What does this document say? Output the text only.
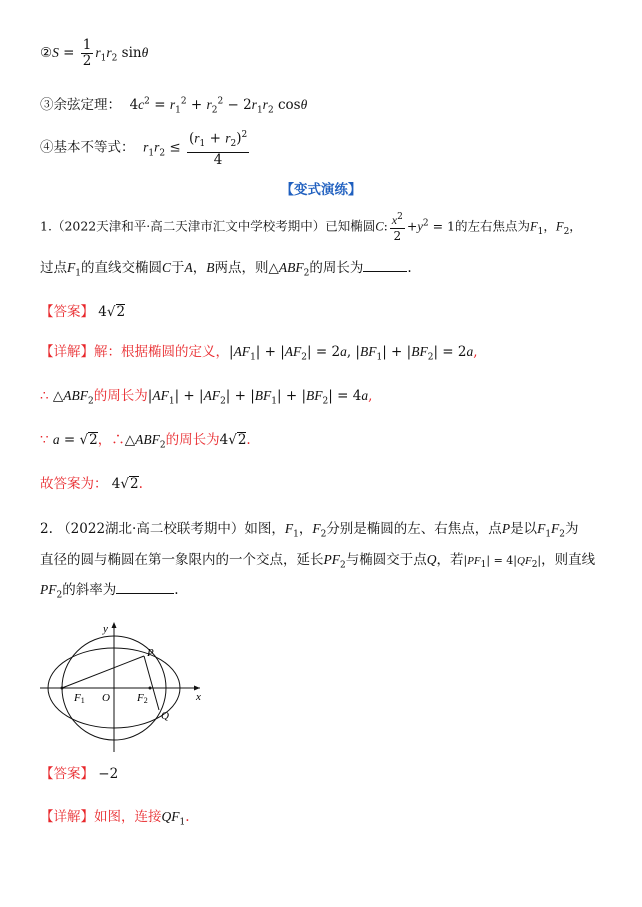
②S = $\frac{1}{2} r_1r_2$ sinθ
③余弦定理：  $4c^2 = r_1^2 + r_2^2 - 2r_1r_2$ cosθ
④基本不等式： $r_1r_2 \le \frac{(r_1 + r_2)^2}{4}$
【变式演练】
1.（2022天津和平·高二天津市汇文中学校考期中）已知椭圆C: $\frac{x^2}{2} +y^2 = 1$的左右焦点为$F_1$，$F_2$，
过点$F_1$的直线交椭圆C于A，B两点，则$\triangle ABF_2$的周长为	.
【答案】 4√2
【详解】解：根据椭圆的定义，$|AF_1| + |AF_2| = 2a$, $|BF_1| + |BF_2| = 2a$,
∴ $\triangle ABF_2$的周长为$|AF_1| + |AF_2| + |BF_1| + |BF_2| = 4a$,
∵ a = √2，$\therefore\triangle ABF_2$的周长为4√2.
故答案为： 4√2.
2. （2022湖北·高二校联考期中）如图，$F_1$，$F_2$分别是椭圆的左、右焦点，点P是以$F_1F_2$为
直径的圆与椭圆在第一象限内的一个交点，延长$PF_2$与椭圆交于点Q，若$|PF_1| = 4|QF_2|$，则直线
$PF_2$的斜率为	.
y
x
P
O
F1	F2
Q
【答案】 −2
【详解】如图，连接$QF_1$.
